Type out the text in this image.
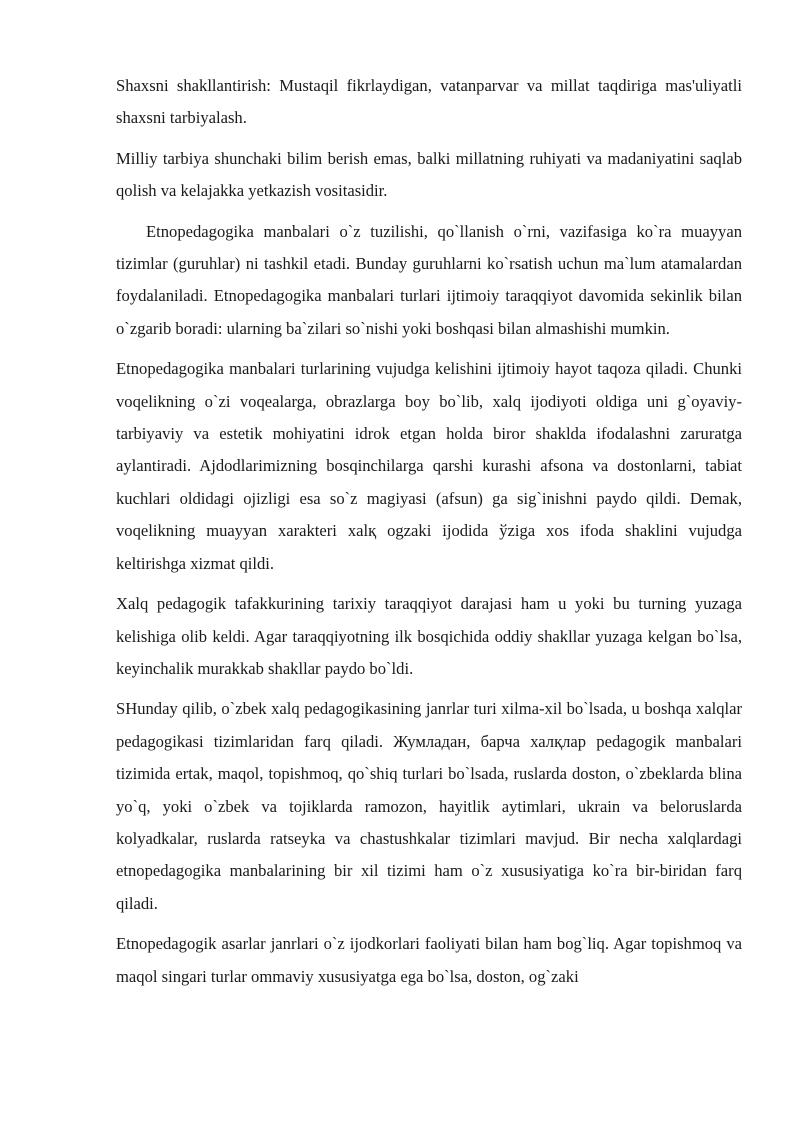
Shaxsni shakllantirish: Mustaqil fikrlaydigan, vatanparvar va millat taqdiriga mas'uliyatli shaxsni tarbiyalash.

Milliy tarbiya shunchaki bilim berish emas, balki millatning ruhiyati va madaniyatini saqlab qolish va kelajakka yetkazish vositasidir.

Etnopedagogika manbalari o`z tuzilishi, qo`llanish o`rni, vazifasiga ko`ra muayyan tizimlar (guruhlar) ni tashkil etadi. Bunday guruhlarni ko`rsatish uchun ma`lum atamalardan foydalaniladi. Etnopedagogika manbalari turlari ijtimoiy taraqqiyot davomida sekinlik bilan o`zgarib boradi: ularning ba`zilari so`nishi yoki boshqasi bilan almashishi mumkin.

Etnopedagogika manbalari turlarining vujudga kelishini ijtimoiy hayot taqoza qiladi. Chunki voqelikning o`zi voqealarga, obrazlarga boy bo`lib, xalq ijodiyoti oldiga uni g`oyaviy-tarbiyaviy va estetik mohiyatini idrok etgan holda biror shaklda ifodalashni zaruratga aylantiradi. Ajdodlarimizning bosqinchilarga qarshi kurashi afsona va dostonlarni, tabiat kuchlari oldidagi ojizligi esa so`z magiyasi (afsun) ga sig`inishni paydo qildi. Demak, voqelikning muayyan xarakteri xalқ ogzaki ijodida ўziga xos ifoda shaklini vujudga keltirishga xizmat qildi.

Xalq pedagogik tafakkurining tarixiy taraqqiyot darajasi ham u yoki bu turning yuzaga kelishiga olib keldi. Agar taraqqiyotning ilk bosqichida oddiy shakllar yuzaga kelgan bo`lsa, keyinchalik murakkab shakllar paydo bo`ldi.

SHunday qilib, o`zbek xalq pedagogikasining janrlar turi xilma-xil bo`lsada, u boshqa xalqlar pedagogikasi tizimlaridan farq qiladi. Жумладан, барча халқлар pedagogik manbalari tizimida ertak, maqol, topishmoq, qo`shiq turlari bo`lsada, ruslarda doston, o`zbeklarda blina yo`q, yoki o`zbek va tojiklarda ramozon, hayitlik aytimlari, ukrain va beloruslarda kolyadkalar, ruslarda ratseyka va chastushkalar tizimlari mavjud. Bir necha xalqlardagi etnopedagogika manbalarining bir xil tizimi ham o`z xususiyatiga ko`ra bir-biridan farq qiladi.

Etnopedagogik asarlar janrlari o`z ijodkorlari faoliyati bilan ham bog`liq. Agar topishmoq va maqol singari turlar ommaviy xususiyatga ega bo`lsa, doston, og`zaki
